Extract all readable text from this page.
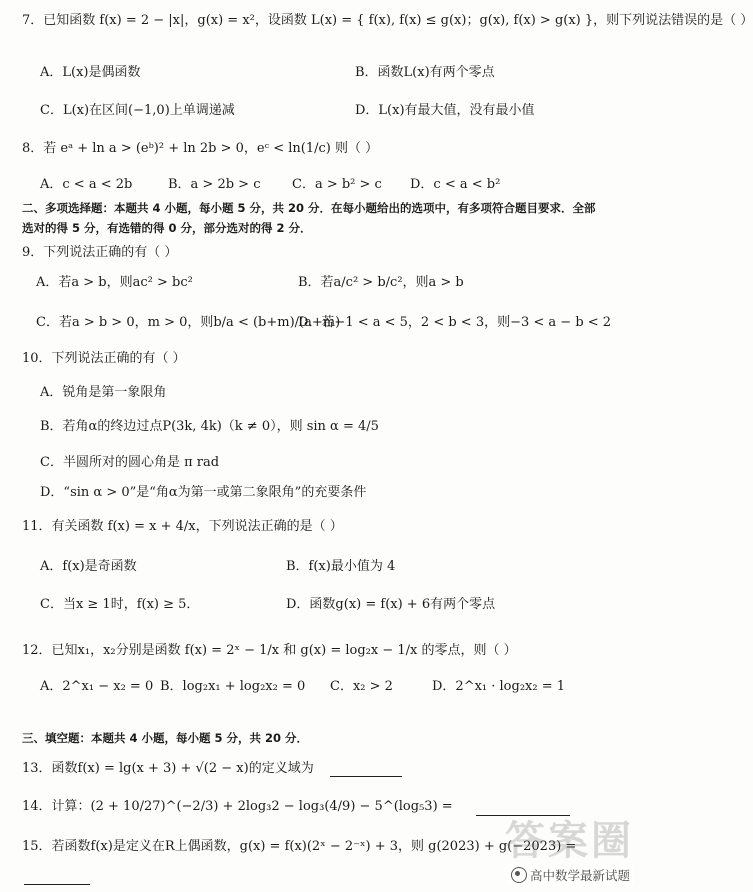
7．已知函数 f(x) = 2 − |x|，g(x) = x²，设函数 L(x) = { f(x), f(x) ≤ g(x)；g(x), f(x) > g(x) }，则下列说法错误的是（ ）
A．L(x)是偶函数	B．函数L(x)有两个零点
C．L(x)在区间(−1,0)上单调递减	D．L(x)有最大值，没有最小值
8．若 eᵃ + ln a > (eᵇ)² + ln 2b > 0，eᶜ < ln(1/c) 则（ ）
A．c < a < 2b	B．a > 2b > c C．a > b² > c D．c < a < b²
二、多项选择题：本题共 4 小题，每小题 5 分，共 20 分．在每小题给出的选项中，有多项符合题目要求．全部
选对的得 5 分，有选错的得 0 分，部分选对的得 2 分．
9．下列说法正确的有（ ）
A．若a > b，则ac² > bc²	B．若a/c² > b/c²，则a > b
C．若a > b > 0，m > 0，则b/a < (b+m)/(a+m)
D．若−1 < a < 5，2 < b < 3，则−3 < a − b < 2
10．下列说法正确的有（ ）
A．锐角是第一象限角
B．若角α的终边过点P(3k, 4k)（k ≠ 0），则 sin α = 4/5
C．半圆所对的圆心角是 π rad
D．“sin α > 0”是“角α为第一或第二象限角”的充要条件
11．有关函数 f(x) = x + 4/x，下列说法正确的是（ ）
A．f(x)是奇函数	B．f(x)最小值为 4
C．当x ≥ 1时，f(x) ≥ 5．	D．函数g(x) = f(x) + 6有两个零点
12．已知x₁，x₂分别是函数 f(x) = 2ˣ − 1/x 和 g(x) = log₂x − 1/x 的零点，则（ ）
A．2^x₁ − x₂ = 0 B．log₂x₁ + log₂x₂ = 0 C．x₂ > 2	D．2^x₁ · log₂x₂ = 1
三、填空题：本题共 4 小题，每小题 5 分，共 20 分．
13．函数f(x) = lg(x + 3) + √(2 − x)的定义域为
14．计算：(2 + 10/27)^(−2/3) + 2log₃2 − log₃(4/9) − 5^(log₅3) =
15．若函数f(x)是定义在R上偶函数，g(x) = f(x)(2ˣ − 2⁻ˣ) + 3，则 g(2023) + g(−2023) =
答案圈
高中数学最新试题
